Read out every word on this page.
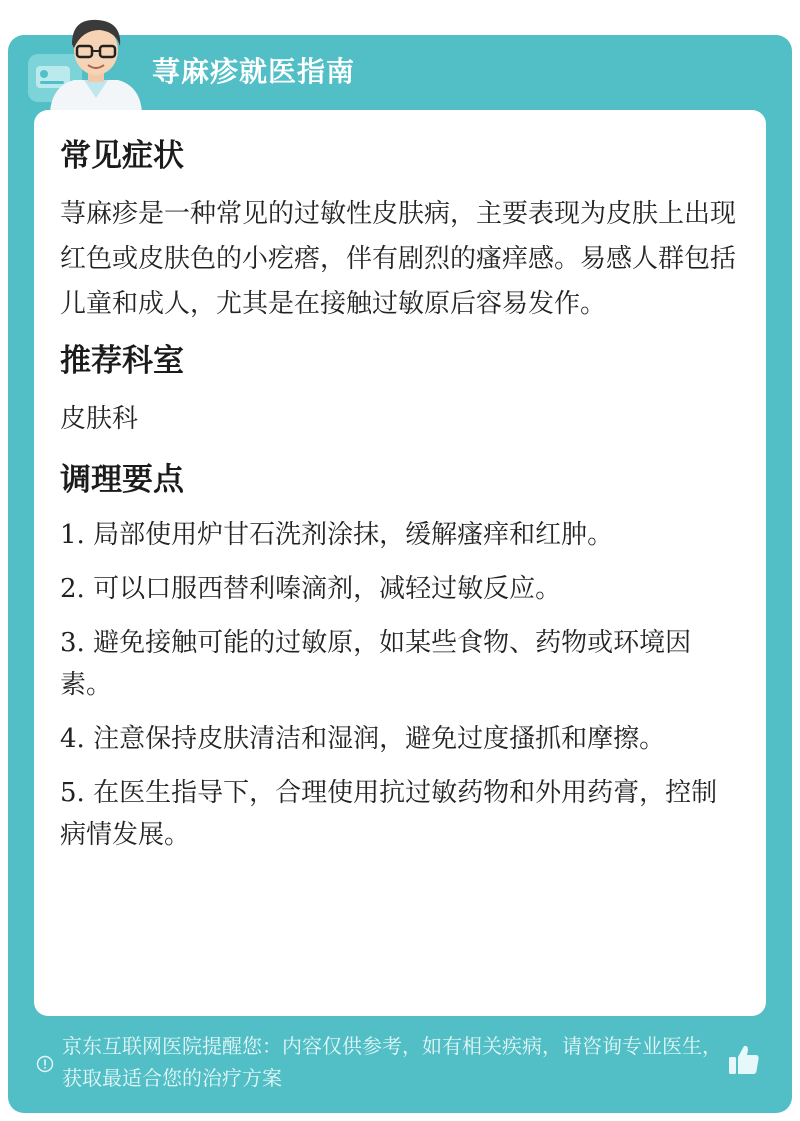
荨麻疹就医指南
常见症状

荨麻疹是一种常见的过敏性皮肤病，主要表现为皮肤上出现红色或皮肤色的小疙瘩，伴有剧烈的瘙痒感。易感人群包括儿童和成人，尤其是在接触过敏原后容易发作。

推荐科室

皮肤科

调理要点
1. 局部使用炉甘石洗剂涂抹，缓解瘙痒和红肿。
2. 可以口服西替利嗪滴剂，减轻过敏反应。
3. 避免接触可能的过敏原，如某些食物、药物或环境因素。
4. 注意保持皮肤清洁和湿润，避免过度搔抓和摩擦。
5. 在医生指导下，合理使用抗过敏药物和外用药膏，控制病情发展。
京东互联网医院提醒您：内容仅供参考，如有相关疾病，请咨询专业医生，获取最适合您的治疗方案
